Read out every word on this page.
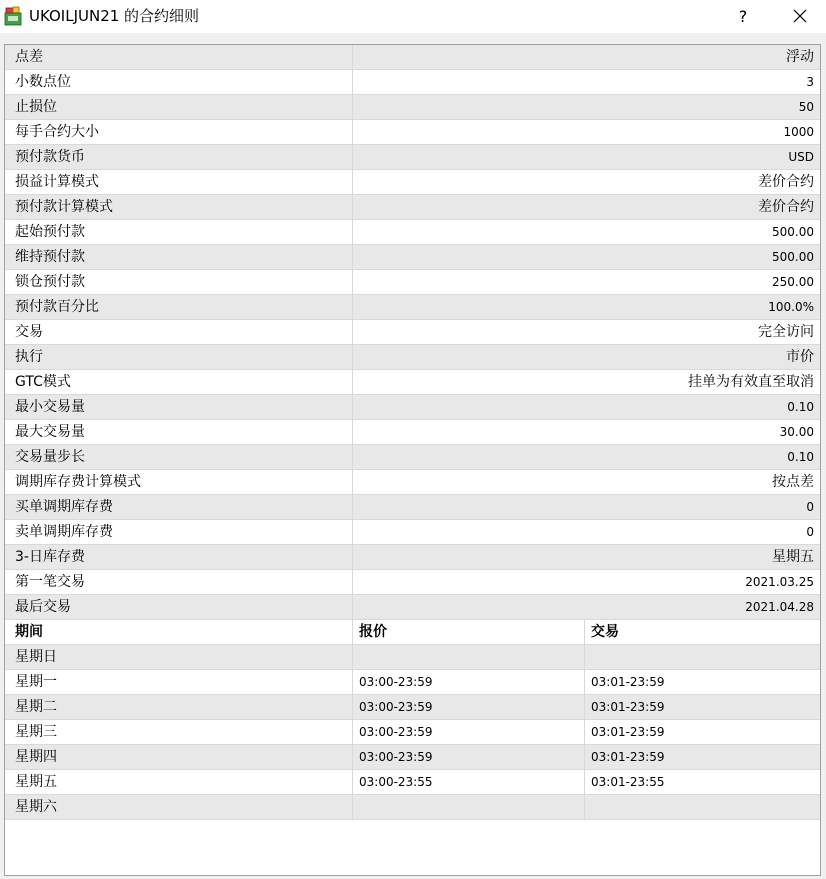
UKOILJUN21 的合约细则	?
点差	浮动
小数点位	3
止损位	50
每手合约大小	1000
预付款货币	USD
损益计算模式	差价合约
预付款计算模式	差价合约
起始预付款	500.00
维持预付款	500.00
锁仓预付款	250.00
预付款百分比	100.0%
交易	完全访问
执行	市价
GTC模式	挂单为有效直至取消
最小交易量	0.10
最大交易量	30.00
交易量步长	0.10
调期库存费计算模式	按点差
买单调期库存费	0
卖单调期库存费	0
3-日库存费	星期五
第一笔交易	2021.03.25
最后交易	2021.04.28
期间	报价	交易
星期日
星期一	03:00-23:59	03:01-23:59
星期二	03:00-23:59	03:01-23:59
星期三	03:00-23:59	03:01-23:59
星期四	03:00-23:59	03:01-23:59
星期五	03:00-23:55	03:01-23:55
星期六
